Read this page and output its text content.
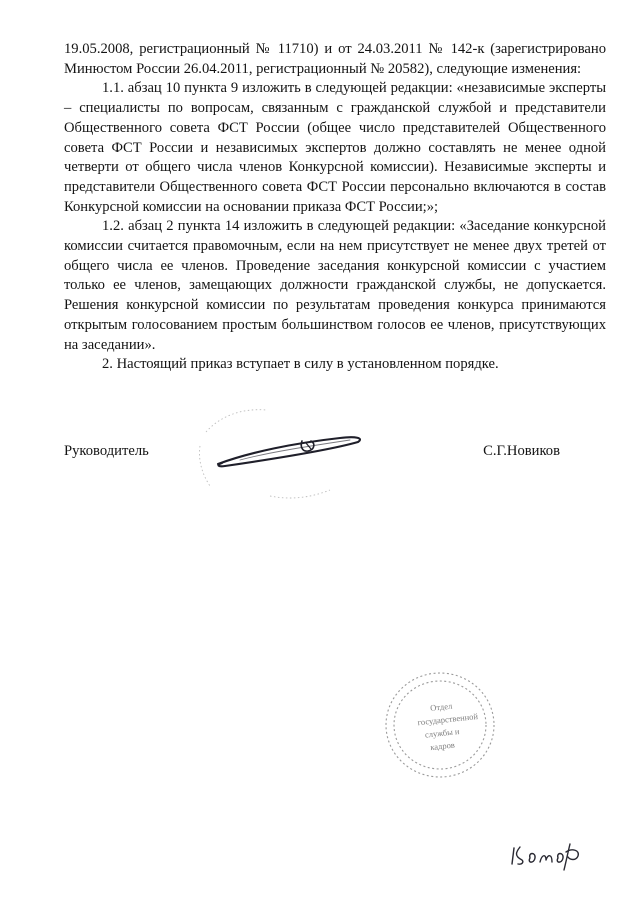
19.05.2008, регистрационный № 11710) и от 24.03.2011 № 142-к (зарегистрировано Минюстом России 26.04.2011, регистрационный № 20582), следующие изменения:

1.1. абзац 10 пункта 9 изложить в следующей редакции: «независимые эксперты – специалисты по вопросам, связанным с гражданской службой и представители Общественного совета ФСТ России (общее число представителей Общественного совета ФСТ России и независимых экспертов должно составлять не менее одной четверти от общего числа членов Конкурсной комиссии). Независимые эксперты и представители Общественного совета ФСТ России персонально включаются в состав Конкурсной комиссии на основании приказа ФСТ России;»;

1.2. абзац 2 пункта 14 изложить в следующей редакции: «Заседание конкурсной комиссии считается правомочным, если на нем присутствует не менее двух третей от общего числа ее членов. Проведение заседания конкурсной комиссии с участием только ее членов, замещающих должности гражданской службы, не допускается. Решения конкурсной комиссии по результатам проведения конкурса принимаются открытым голосованием простым большинством голосов ее членов, присутствующих на заседании».

2. Настоящий приказ вступает в силу в установленном порядке.

Руководитель	С.Г.Новиков
Отдел
государственной
службы и
кадров
